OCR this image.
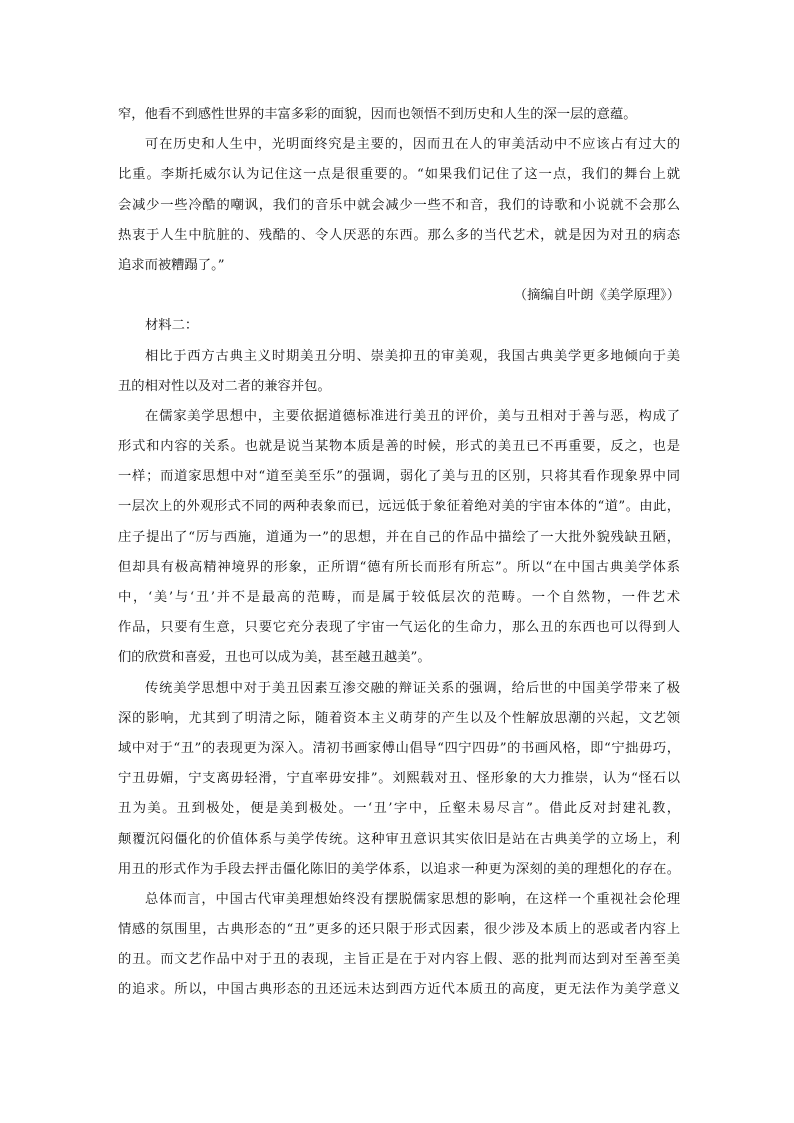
窄，他看不到感性世界的丰富多彩的面貌，因而也领悟不到历史和人生的深一层的意蕴。
可在历史和人生中，光明面终究是主要的，因而丑在人的审美活动中不应该占有过大的
比重。李斯托威尔认为记住这一点是很重要的。“如果我们记住了这一点，我们的舞台上就
会减少一些冷酷的嘲讽，我们的音乐中就会减少一些不和音，我们的诗歌和小说就不会那么
热衷于人生中肮脏的、残酷的、令人厌恶的东西。那么多的当代艺术，就是因为对丑的病态
追求而被糟蹋了。”
（摘编自叶朗《美学原理》）
材料二：
相比于西方古典主义时期美丑分明、崇美抑丑的审美观，我国古典美学更多地倾向于美
丑的相对性以及对二者的兼容并包。
在儒家美学思想中，主要依据道德标准进行美丑的评价，美与丑相对于善与恶，构成了
形式和内容的关系。也就是说当某物本质是善的时候，形式的美丑已不再重要，反之，也是
一样；而道家思想中对“道至美至乐”的强调，弱化了美与丑的区别，只将其看作现象界中同
一层次上的外观形式不同的两种表象而已，远远低于象征着绝对美的宇宙本体的“道”。由此，
庄子提出了“厉与西施，道通为一”的思想，并在自己的作品中描绘了一大批外貌残缺丑陋，
但却具有极高精神境界的形象，正所谓“德有所长而形有所忘”。所以“在中国古典美学体系
中，‘美’与‘丑’并不是最高的范畴，而是属于较低层次的范畴。一个自然物，一件艺术
作品，只要有生意，只要它充分表现了宇宙一气运化的生命力，那么丑的东西也可以得到人
们的欣赏和喜爱，丑也可以成为美，甚至越丑越美”。
传统美学思想中对于美丑因素互渗交融的辩证关系的强调，给后世的中国美学带来了极
深的影响，尤其到了明清之际，随着资本主义萌芽的产生以及个性解放思潮的兴起，文艺领
域中对于“丑”的表现更为深入。清初书画家傅山倡导“四宁四毋”的书画风格，即“宁拙毋巧，
宁丑毋媚，宁支离毋轻滑，宁直率毋安排”。刘熙载对丑、怪形象的大力推崇，认为“怪石以
丑为美。丑到极处，便是美到极处。一‘丑’字中，丘壑未易尽言”。借此反对封建礼教，
颠覆沉闷僵化的价值体系与美学传统。这种审丑意识其实依旧是站在古典美学的立场上，利
用丑的形式作为手段去抨击僵化陈旧的美学体系，以追求一种更为深刻的美的理想化的存在。
总体而言，中国古代审美理想始终没有摆脱儒家思想的影响，在这样一个重视社会伦理
情感的氛围里，古典形态的“丑”更多的还只限于形式因素，很少涉及本质上的恶或者内容上
的丑。而文艺作品中对于丑的表现，主旨正是在于对内容上假、恶的批判而达到对至善至美
的追求。所以，中国古典形态的丑还远未达到西方近代本质丑的高度，更无法作为美学意义
